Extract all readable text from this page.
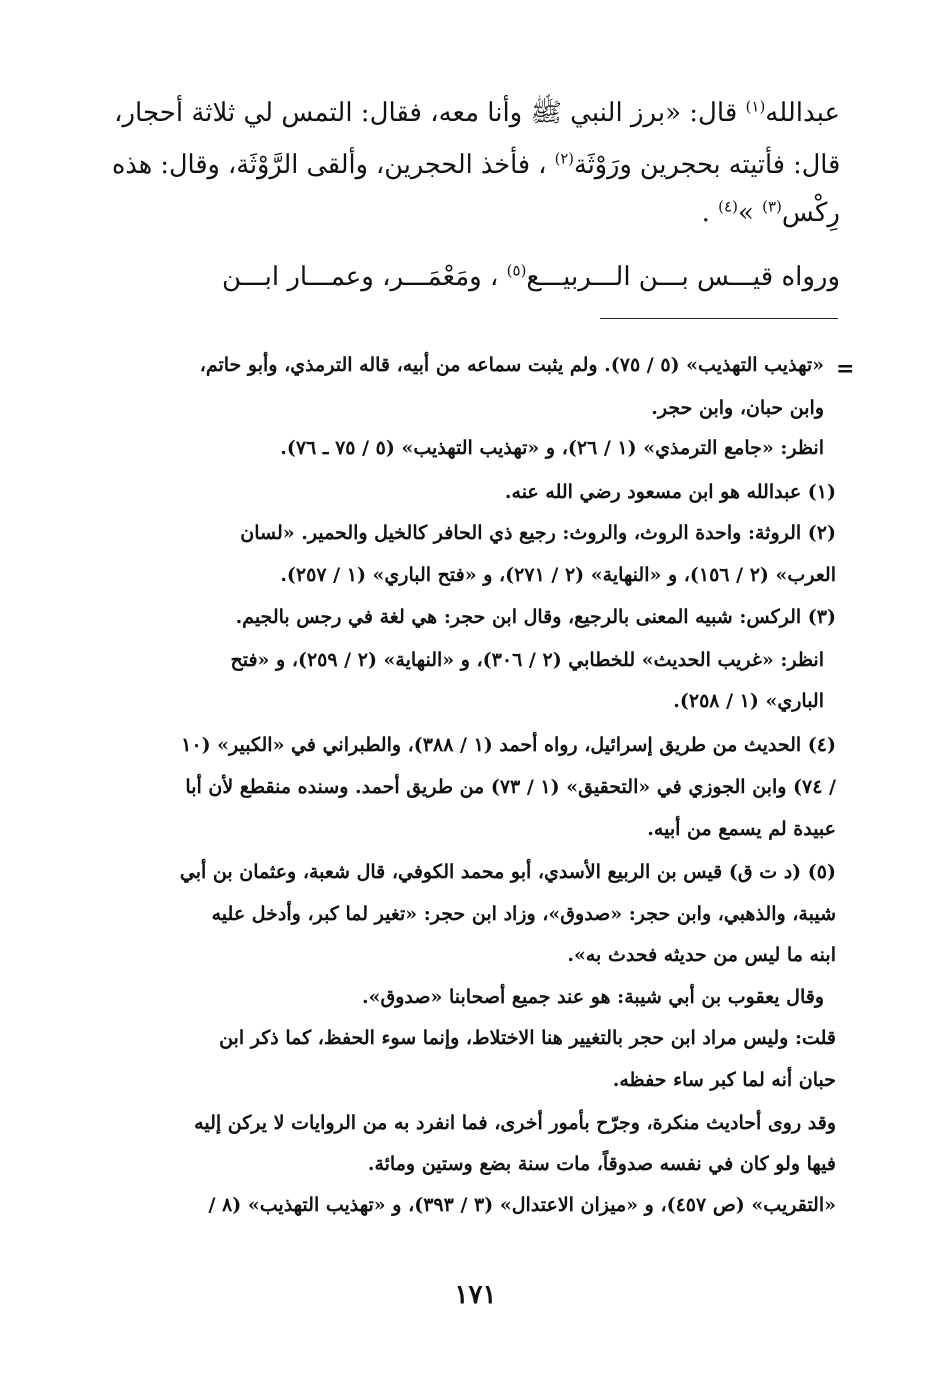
عبدالله$^{(١)}$ قال: «برز النبي ﷺ وأنا معه، فقال: التمس لي ثلاثة أحجار،
قال: فأتيته بحجرين ورَوْثَة$^{(٢)}$ ، فأخذ الحجرين، وألقى الرَّوْثَة، وقال: هذه
رِكْس$^{(٣)}$ »$^{(٤)}$ .
ورواه قيـــس بـــن الـــربيـــع$^{(٥)}$ ، ومَعْمَـــر، وعمـــار ابـــن
=
«تهذيب التهذيب» (٥ / ٧٥). ولم يثبت سماعه من أبيه، قاله الترمذي، وأبو حاتم،
وابن حبان، وابن حجر.
انظر: «جامع الترمذي» (١ / ٢٦)، و «تهذيب التهذيب» (٥ / ٧٥ ـ ٧٦).
(١) عبدالله هو ابن مسعود رضي الله عنه.
(٢) الروثة: واحدة الروث، والروث: رجيع ذي الحافر كالخيل والحمير. «لسان
العرب» (٢ / ١٥٦)، و «النهاية» (٢ / ٢٧١)، و «فتح الباري» (١ / ٢٥٧).
(٣) الركس: شبيه المعنى بالرجيع، وقال ابن حجر: هي لغة في رجس بالجيم.
انظر: «غريب الحديث» للخطابي (٢ / ٣٠٦)، و «النهاية» (٢ / ٢٥٩)، و «فتح
الباري» (١ / ٢٥٨).
(٤) الحديث من طريق إسرائيل، رواه أحمد (١ / ٣٨٨)، والطبراني في «الكبير» (١٠
/ ٧٤) وابن الجوزي في «التحقيق» (١ / ٧٣) من طريق أحمد. وسنده منقطع لأن أبا
عبيدة لم يسمع من أبيه.
(٥) (د ت ق) قيس بن الربيع الأسدي، أبو محمد الكوفي، قال شعبة، وعثمان بن أبي
شيبة، والذهبي، وابن حجر: «صدوق»، وزاد ابن حجر: «تغير لما كبر، وأدخل عليه
ابنه ما ليس من حديثه فحدث به».
وقال يعقوب بن أبي شيبة: هو عند جميع أصحابنا «صدوق».
قلت: وليس مراد ابن حجر بالتغيير هنا الاختلاط، وإنما سوء الحفظ، كما ذكر ابن
حبان أنه لما كبر ساء حفظه.
وقد روى أحاديث منكرة، وجرّح بأمور أخرى، فما انفرد به من الروايات لا يركن إليه
فيها ولو كان في نفسه صدوقاً، مات سنة بضع وستين ومائة.
«التقريب» (ص ٤٥٧)، و «ميزان الاعتدال» (٣ / ٣٩٣)، و «تهذيب التهذيب» (٨ /
١٧١
